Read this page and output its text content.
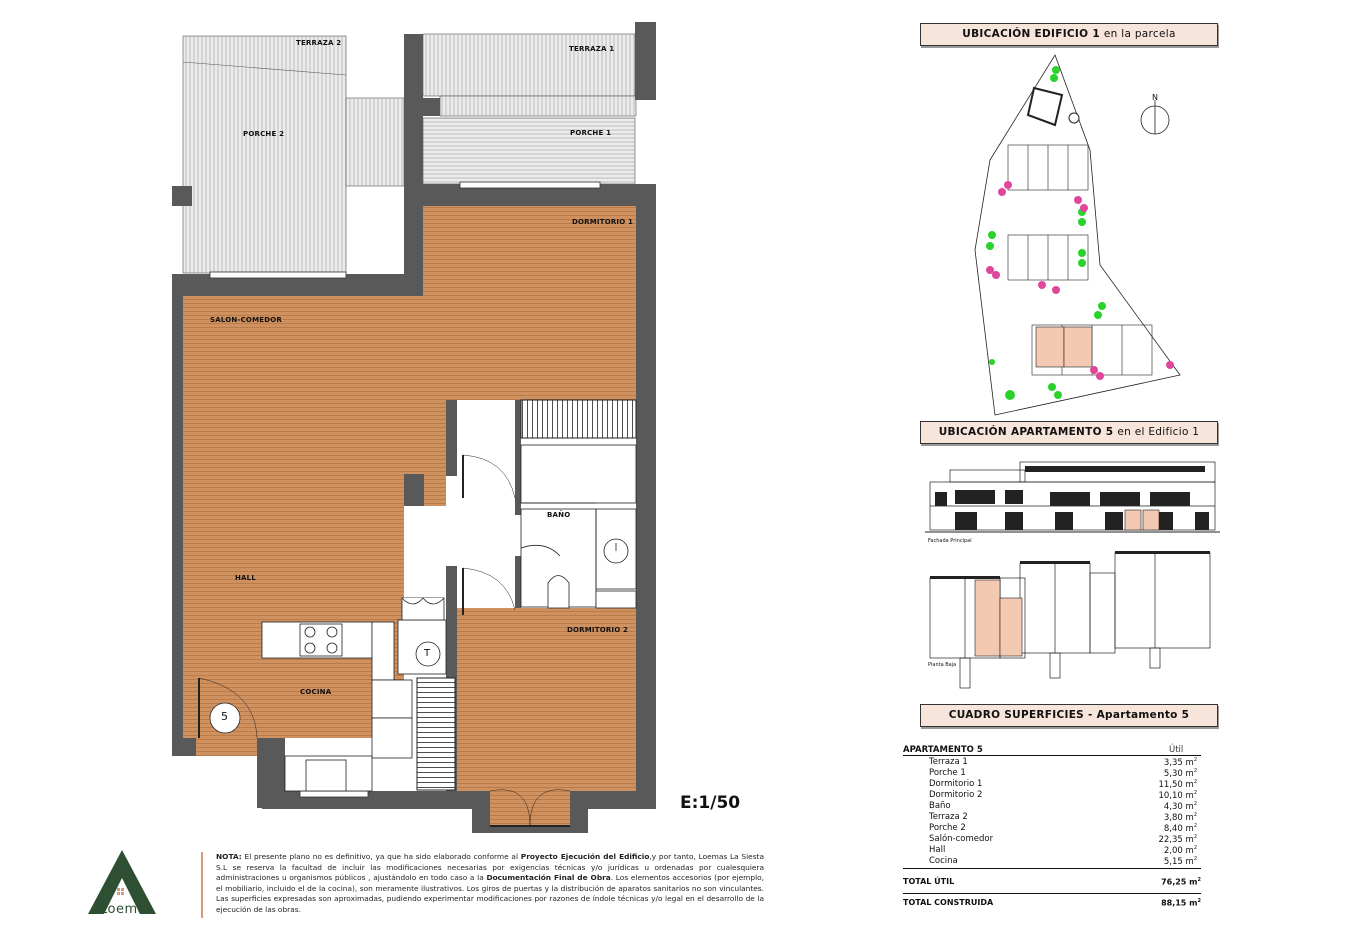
TERRAZA 2
TERRAZA 1
PORCHE 2	PORCHE 1
DORMITORIO 1
SALON-COMEDOR
BAÑO
HALL
DORMITORIO 2
COCINA
5
T
E:1/50
UBICACIÓN EDIFICIO 1 en la parcela
N
UBICACIÓN APARTAMENTO 5 en el Edificio 1
Fachada Principal
Planta Baja
CUADRO SUPERFICIES - Apartamento 5
APARTAMENTO 5	Útil
Terraza 1	3,35 $m^2$
Porche 1	5,30 $m^2$
Dormitorio 1	11,50 $m^2$
Dormitorio 2	10,10 $m^2$
Baño	4,30 $m^2$
Terraza 2	3,80 $m^2$
Porche 2	8,40 $m^2$
Salón-comedor	22,35 $m^2$
Hall	2,00 $m^2$
Cocina	5,15 $m^2$
TOTAL ÚTIL	76,25 $m^2$
TOTAL CONSTRUIDA	88,15 $m^2$
Loemas
NOTA: El presente plano no es definitivo, ya que ha sido elaborado conforme al Proyecto Ejecución del Edificio,y por tanto, Loemas La Siesta S.L se reserva la facultad de incluir las modificaciones necesarias por exigencias técnicas y/o jurídicas u ordenadas por cualesquiera administraciones u organismos públicos , ajustándolo en todo caso a la Documentación Final de Obra. Los elementos accesorios (por ejemplo, el mobiliario, incluido el de la cocina), son meramente ilustrativos. Los giros de puertas y la distribución de aparatos sanitarios no son vinculantes. Las superficies expresadas son aproximadas, pudiendo experimentar modificaciones por razones de índole técnicas y/o legal en el desarrollo de la ejecución de las obras.
